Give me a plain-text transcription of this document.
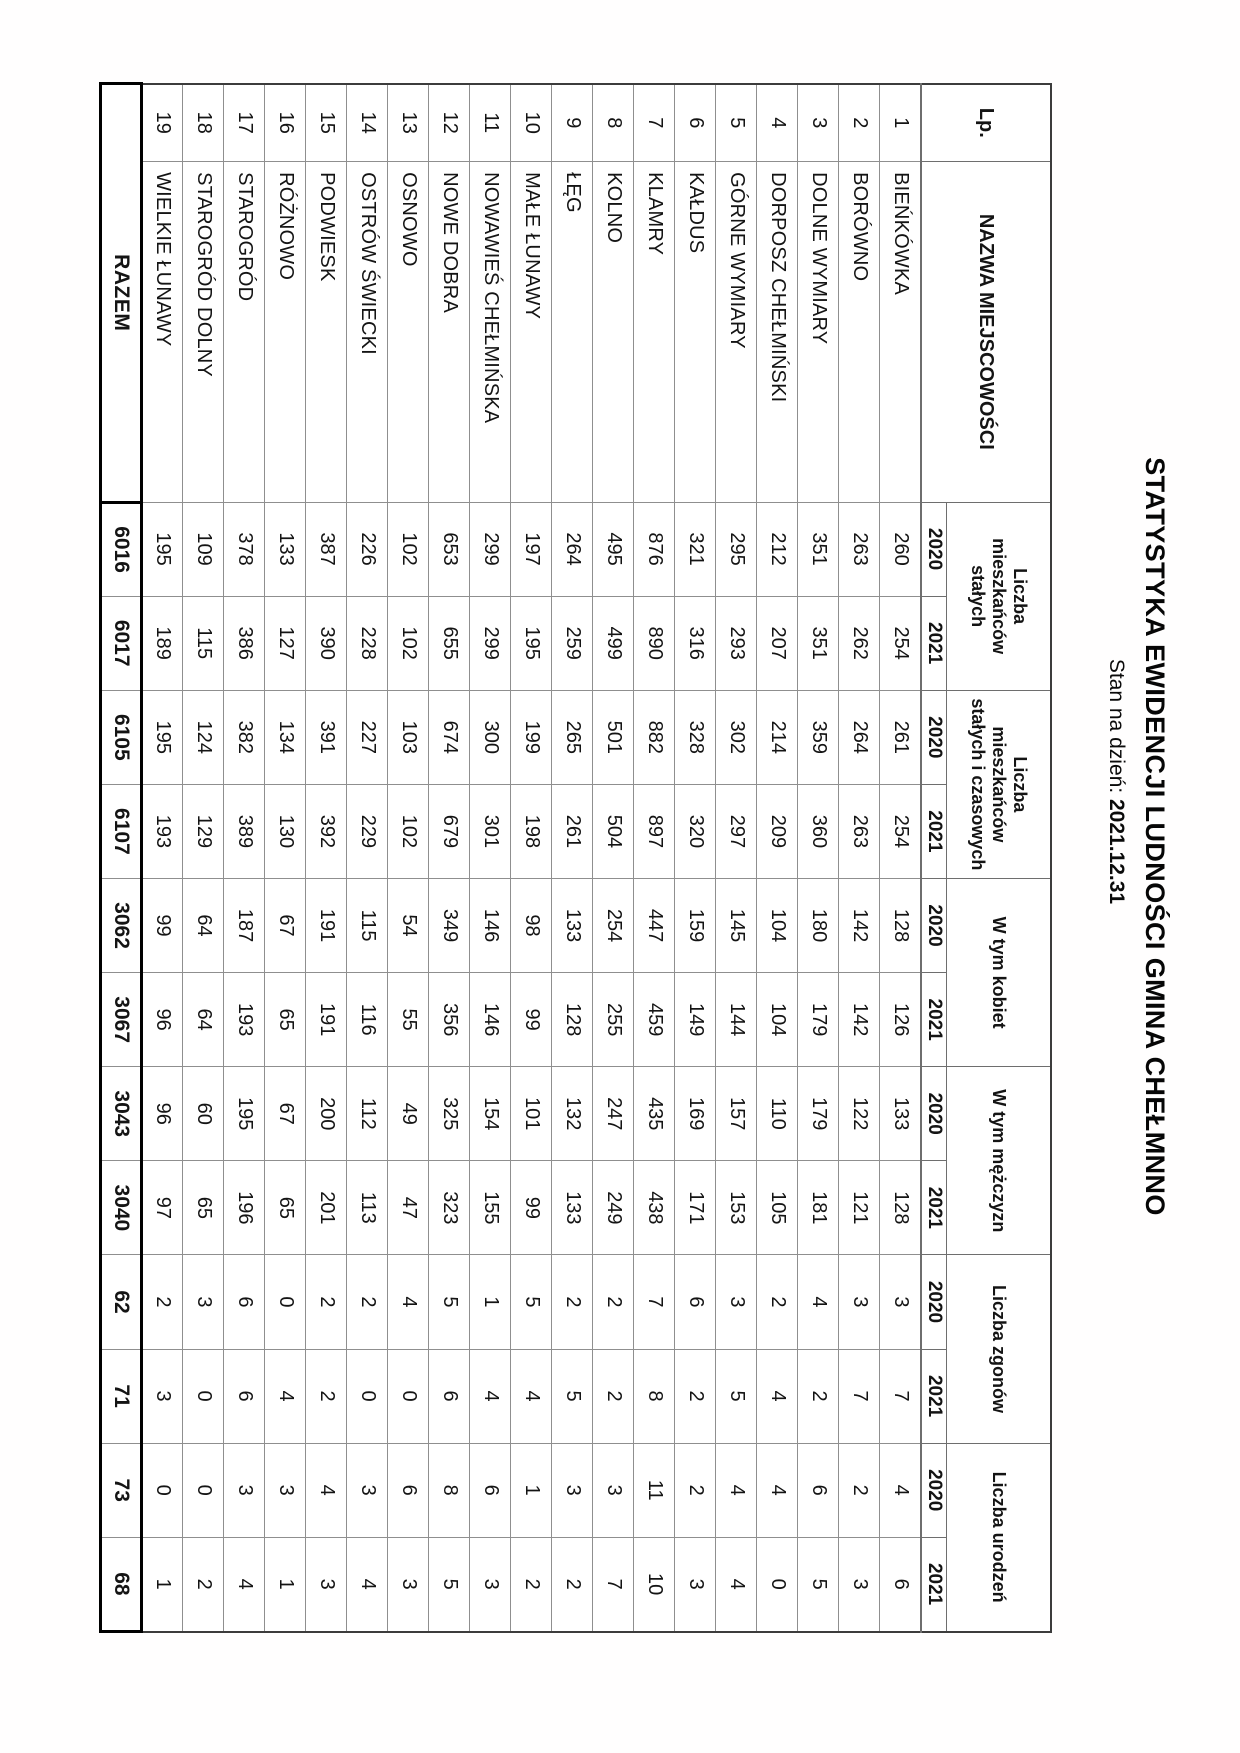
STATYSTYKA EWIDENCJI LUDNOŚCI GMINA CHEŁMNNO
Stan na dzień: 2021.12.31
Lp.	NAZWA MIEJSCOWOŚCI	Liczba mieszkańców stałych		Liczba mieszkańców stałych i czasowych		W tym kobiet		W tym mężczyzn		Liczba zgonów		Liczba urodzeń	
		2020	2021	2020	2021	2020	2021	2020	2021	2020	2021	2020	2021
1	BIEŃKÓWKA	260	254	261	254	128	126	133	128	3	7	4	6
2	BORÓWNO	263	262	264	263	142	142	122	121	3	7	2	3
3	DOLNE WYMIARY	351	351	359	360	180	179	179	181	4	2	6	5
4	DORPOSZ CHEŁMIŃSKI	212	207	214	209	104	104	110	105	2	4	4	0
5	GÓRNE WYMIARY	295	293	302	297	145	144	157	153	3	5	4	4
6	KAŁDUS	321	316	328	320	159	149	169	171	6	2	2	3
7	KLAMRY	876	890	882	897	447	459	435	438	7	8	11	10
8	KOLNO	495	499	501	504	254	255	247	249	2	2	3	7
9	ŁĘG	264	259	265	261	133	128	132	133	2	5	3	2
10	MAŁE ŁUNAWY	197	195	199	198	98	99	101	99	5	4	1	2
11	NOWAWIEŚ CHEŁMIŃSKA	299	299	300	301	146	146	154	155	1	4	6	3
12	NOWE DOBRA	653	655	674	679	349	356	325	323	5	6	8	5
13	OSNOWO	102	102	103	102	54	55	49	47	4	0	6	3
14	OSTRÓW ŚWIECKI	226	228	227	229	115	116	112	113	2	0	3	4
15	PODWIESK	387	390	391	392	191	191	200	201	2	2	4	3
16	RÓŻNOWO	133	127	134	130	67	65	67	65	0	4	3	1
17	STAROGRÓD	378	386	382	389	187	193	195	196	6	6	3	4
18	STAROGRÓD DOLNY	109	115	124	129	64	64	60	65	3	0	0	2
19	WIELKIE ŁUNAWY	195	189	195	193	99	96	96	97	2	3	0	1
RAZEM		6016	6017	6105	6107	3062	3067	3043	3040	62	71	73	68
